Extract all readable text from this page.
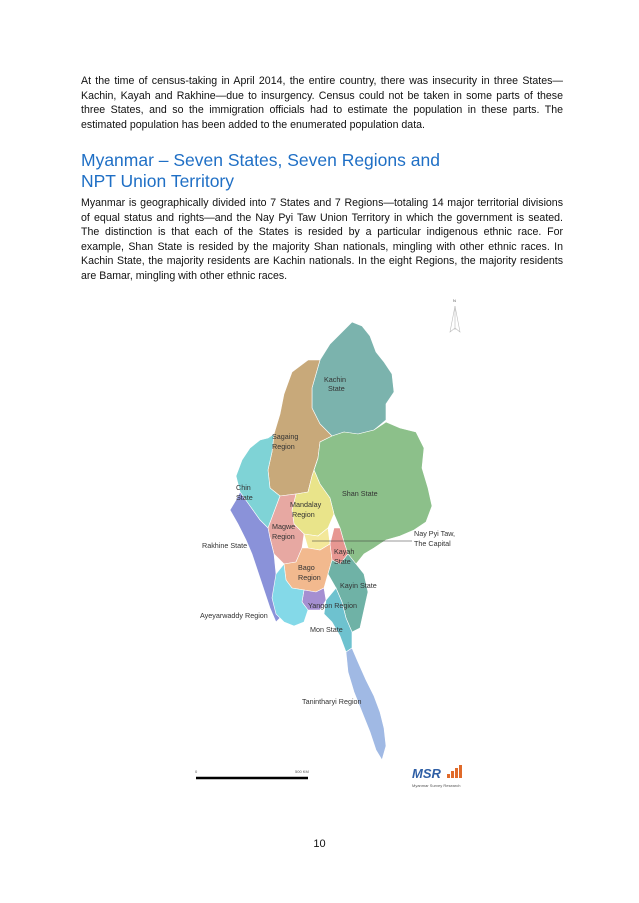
At the time of census-taking in April 2014, the entire country, there was insecurity in three States—Kachin, Kayah and Rakhine—due to insurgency. Census could not be taken in some parts of these three States, and so the immigration officials had to estimate the population in these parts. The estimated population has been added to the enumerated population data.

Myanmar – Seven States, Seven Regions and
NPT Union Territory

Myanmar is geographically divided into 7 States and 7 Regions—totaling 14 major territorial divisions of equal status and rights—and the Nay Pyi Taw Union Territory in which the government is seated. The distinction is that each of the States is resided by a particular indigenous ethnic race. For example, Shan State is resided by the majority Shan nationals, mingling with other ethnic races. In Kachin State, the majority residents are Kachin nationals. In the eight Regions, the majority residents are Bamar, mingling with other ethnic races.

N
Kachin
State
Sagaing
Region
Chin
State	Shan State
Mandalay
Region
Magwe
Region
Rakhine State
Kayah
State
Nay Pyi Taw,
The Capital
Bago
Region
Kayin State
Yangon Region
Ayeyarwaddy Region
Mon State
Tanintharyi Region
0	500 KM	MSR
Myanmar Survey Research
10
